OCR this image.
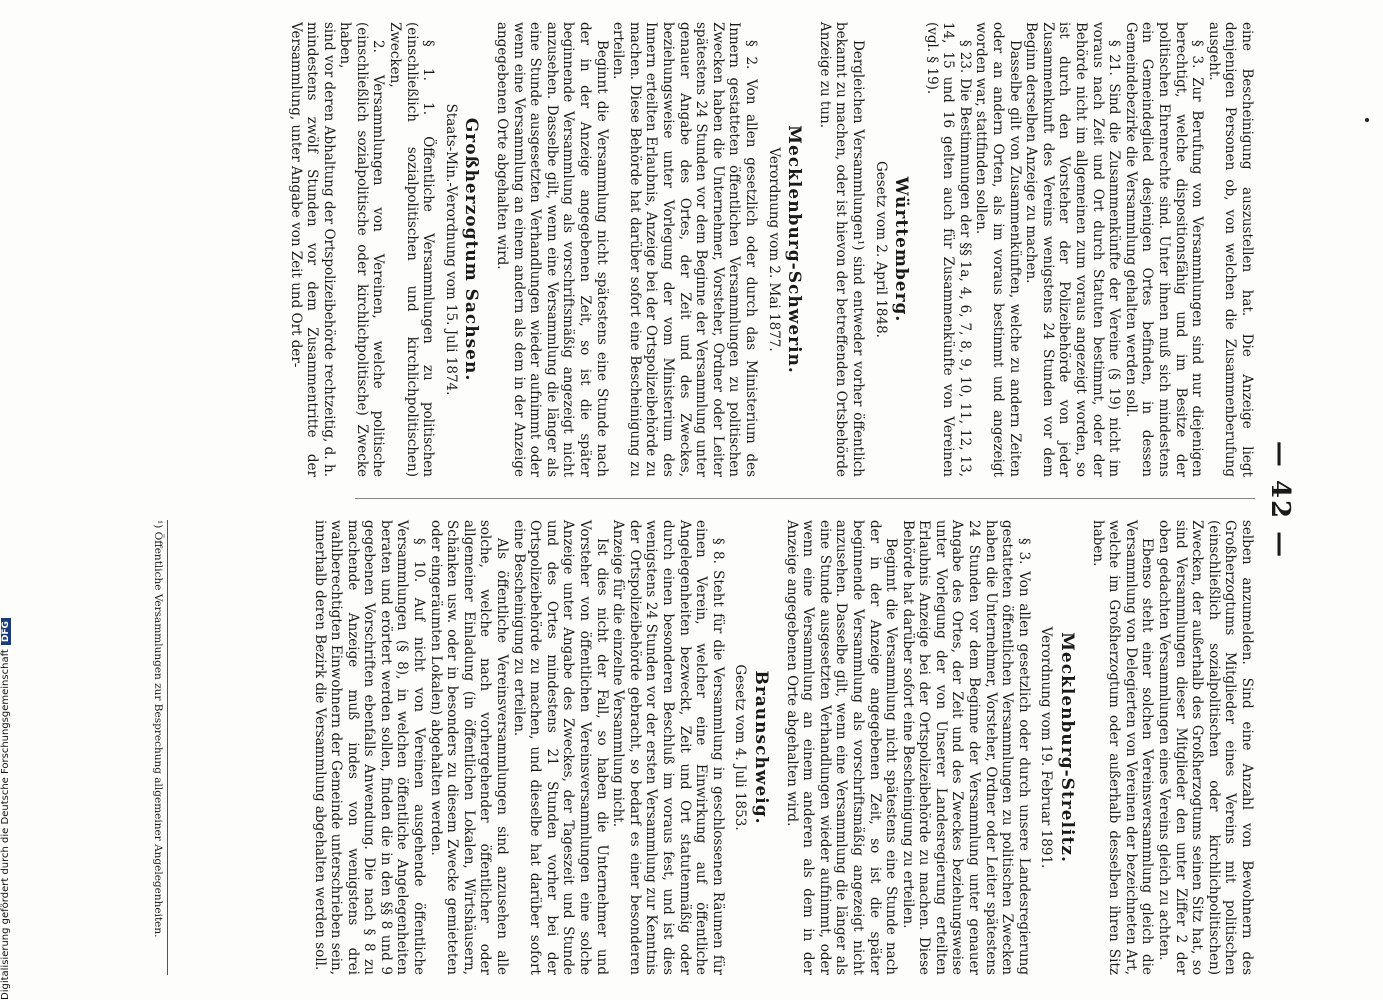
— 42 —

eine Bescheinigung auszustellen hat. Die Anzeige liegt denjenigen Personen ob, von welchen die Zusammenberufung ausgeht.

§ 3. Zur Berufung von Versammlungen sind nur diejenigen berechtigt, welche dispositionsfähig und im Besitze der politischen Ehrenrechte sind. Unter ihnen muß sich mindestens ein Gemeindeglied desjenigen Ortes befinden, in dessen Gemeindebezirke die Versammlung gehalten werden soll.

§ 21. Sind die Zusammenkünfte der Vereine (§ 19) nicht im voraus nach Zeit und Ort durch Statuten bestimmt, oder der Behörde nicht im allgemeinen zum voraus angezeigt worden, so ist durch den Vorsteher der Polizeibehörde von jeder Zusammenkunft des Vereins wenigstens 24 Stunden vor dem Beginn derselben Anzeige zu machen.

Dasselbe gilt von Zusammenkünften, welche zu andern Zeiten oder an andern Orten, als im voraus bestimmt und angezeigt worden war, stattfinden sollen.

§ 23. Die Bestimmungen der §§ 1a, 4, 6, 7, 8, 9, 10, 11, 12, 13, 14, 15 und 16 gelten auch für Zusammenkünfte von Vereinen (vgl. § 19).

Württemberg.
Gesetz vom 2. April 1848.

Dergleichen Versammlungen¹) sind entweder vorher öffentlich bekannt zu machen, oder ist hievon der betreffenden Ortsbehörde Anzeige zu tun.

Mecklenburg-Schwerin.
Verordnung vom 2. Mai 1877.

§ 2. Von allen gesetzlich oder durch das Ministerium des Innern gestatteten öffentlichen Versammlungen zu politischen Zwecken haben die Unternehmer, Vorsteher, Ordner oder Leiter spätestens 24 Stunden vor dem Beginne der Versammlung unter genauer Angabe des Ortes, der Zeit und des Zweckes, beziehungsweise unter Vorlegung der vom Ministerium des Innern erteilten Erlaubnis, Anzeige bei der Ortspolizeibehörde zu machen. Diese Behörde hat darüber sofort eine Bescheinigung zu erteilen.

Beginnt die Versammlung nicht spätestens eine Stunde nach der in der Anzeige angegebenen Zeit, so ist die später beginnende Versammlung als vorschriftsmäßig angezeigt nicht anzusehen. Dasselbe gilt, wenn eine Versammlung die länger als eine Stunde ausgesetzten Verhandlungen wieder aufnimmt oder wenn eine Versammlung an einem andern als dem in der Anzeige angegebenen Orte abgehalten wird.

Großherzogtum Sachsen.
Staats-Min.-Verordnung vom 15. Juli 1874.

§ 1. 1. Öffentliche Versammlungen zu politischen (einschließlich sozialpolitischen und kirchlichpolitischen) Zwecken,

2. Versammlungen von Vereinen, welche politische (einschließlich sozialpolitische oder kirchlichpolitische) Zwecke haben,

sind vor deren Abhaltung der Ortspolizeibehörde rechtzeitig, d. h. mindestens zwölf Stunden vor dem Zusammentritte der Versammlung, unter Angabe von Zeit und Ort der-

selben anzumelden. Sind eine Anzahl von Bewohnern des Großherzogtums Mitglieder eines Vereins mit politischen (einschließlich sozialpolitischen oder kirchlichpolitischen) Zwecken, der außerhalb des Großherzogtums seinen Sitz hat, so sind Versammlungen dieser Mitglieder den unter Ziffer 2 der oben gedachten Versammlungen eines Vereins gleich zu achten.

Ebenso steht einer solchen Vereinsversammlung gleich die Versammlung von Delegierten von Vereinen der bezeichneten Art, welche im Großherzogtum oder außerhalb desselben ihren Sitz haben.

Mecklenburg-Strelitz.
Verordnung vom 19. Februar 1891.

§ 3. Von allen gesetzlich oder durch unsere Landesregierung gestatteten öffentlichen Versammlungen zu politischen Zwecken haben die Unternehmer, Vorsteher, Ordner oder Leiter spätestens 24 Stunden vor dem Beginne der Versammlung unter genauer Angabe des Ortes, der Zeit und des Zweckes beziehungsweise unter Vorlegung der von Unserer Landesregierung erteilten Erlaubnis Anzeige bei der Ortspolizeibehörde zu machen. Diese Behörde hat darüber sofort eine Bescheinigung zu erteilen.

Beginnt die Versammlung nicht spätestens eine Stunde nach der in der Anzeige angegebenen Zeit, so ist die später beginnende Versammlung als vorschriftsmäßig angezeigt nicht anzusehen. Dasselbe gilt, wenn eine Versammlung die länger als eine Stunde ausgesetzten Verhandlungen wieder aufnimmt, oder wenn eine Versammlung an einem anderen als dem in der Anzeige angegebenen Orte abgehalten wird.

Braunschweig.
Gesetz vom 4. Juli 1853.

§ 8. Steht für die Versammlung in geschlossenen Räumen für einen Verein, welcher eine Einwirkung auf öffentliche Angelegenheiten bezweckt, Zeit und Ort statutenmäßig oder durch einen besonderen Beschluß im voraus fest, und ist dies wenigstens 24 Stunden vor der ersten Versammlung zur Kenntnis der Ortspolizeibehörde gebracht, so bedarf es einer besonderen Anzeige für die einzelne Versammlung nicht.

Ist dies nicht der Fall, so haben die Unternehmer und Vorsteher von öffentlichen Vereinsversammlungen eine solche Anzeige unter Angabe des Zweckes, der Tageszeit und Stunde und des Ortes mindestens 21 Stunden vorher bei der Ortspolizeibehörde zu machen, und dieselbe hat darüber sofort eine Bescheinigung zu erteilen.

Als öffentliche Vereinsversammlungen sind anzusehen alle solche, welche nach vorhergehender öffentlicher oder allgemeiner Einladung (in öffentlichen Lokalen, Wirtshäusern, Schänken usw. oder in besonders zu diesem Zwecke gemieteten oder eingeräumten Lokalen) abgehalten werden.

§ 10. Auf nicht von Vereinen ausgehende öffentliche Versammlungen (§ 8), in welchen öffentliche Angelegenheiten beraten und erörtert werden sollen, finden die in den §§ 8 und 9 gegebenen Vorschriften ebenfalls Anwendung. Die nach § 8 zu machende Anzeige muß indes von wenigstens drei wahlberechtigten Einwohnern der Gemeinde unterschrieben sein, innerhalb deren Bezirk die Versammlung abgehalten werden soll.

¹) Öffentliche Versammlungen zur Besprechung allgemeiner Angelegenheiten.
Digitalisierung gefördert durch die Deutsche ForschungsgemeinschaftDFG
